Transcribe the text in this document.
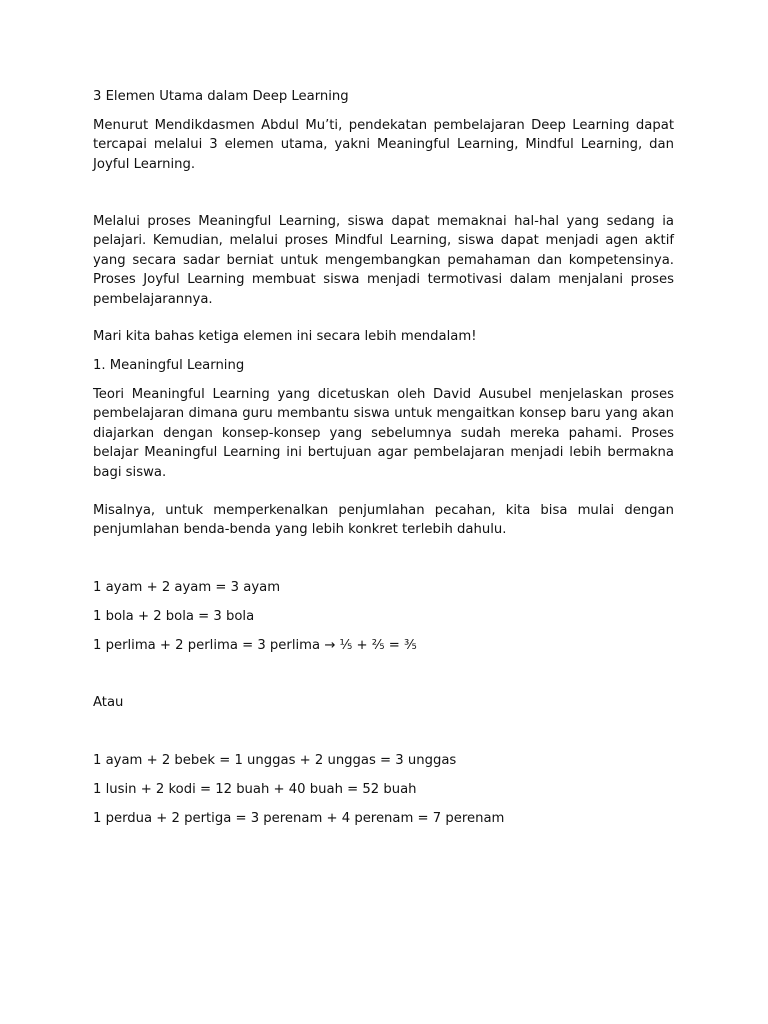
3 Elemen Utama dalam Deep Learning

Menurut Mendikdasmen Abdul Mu’ti, pendekatan pembelajaran Deep Learning dapat tercapai melalui 3 elemen utama, yakni Meaningful Learning, Mindful Learning, dan Joyful Learning.

Melalui proses Meaningful Learning, siswa dapat memaknai hal-hal yang sedang ia pelajari. Kemudian, melalui proses Mindful Learning, siswa dapat menjadi agen aktif yang secara sadar berniat untuk mengembangkan pemahaman dan kompetensinya. Proses Joyful Learning membuat siswa menjadi termotivasi dalam menjalani proses pembelajarannya.

Mari kita bahas ketiga elemen ini secara lebih mendalam!

1. Meaningful Learning

Teori Meaningful Learning yang dicetuskan oleh David Ausubel menjelaskan proses pembelajaran dimana guru membantu siswa untuk mengaitkan konsep baru yang akan diajarkan dengan konsep-konsep yang sebelumnya sudah mereka pahami. Proses belajar Meaningful Learning ini bertujuan agar pembelajaran menjadi lebih bermakna bagi siswa.

Misalnya, untuk memperkenalkan penjumlahan pecahan, kita bisa mulai dengan penjumlahan benda-benda yang lebih konkret terlebih dahulu.

1 ayam + 2 ayam = 3 ayam

1 bola + 2 bola = 3 bola

1 perlima + 2 perlima = 3 perlima → ⅕ + ⅖ = ⅗

Atau

1 ayam + 2 bebek = 1 unggas + 2 unggas = 3 unggas

1 lusin + 2 kodi = 12 buah + 40 buah = 52 buah

1 perdua + 2 pertiga = 3 perenam + 4 perenam = 7 perenam
